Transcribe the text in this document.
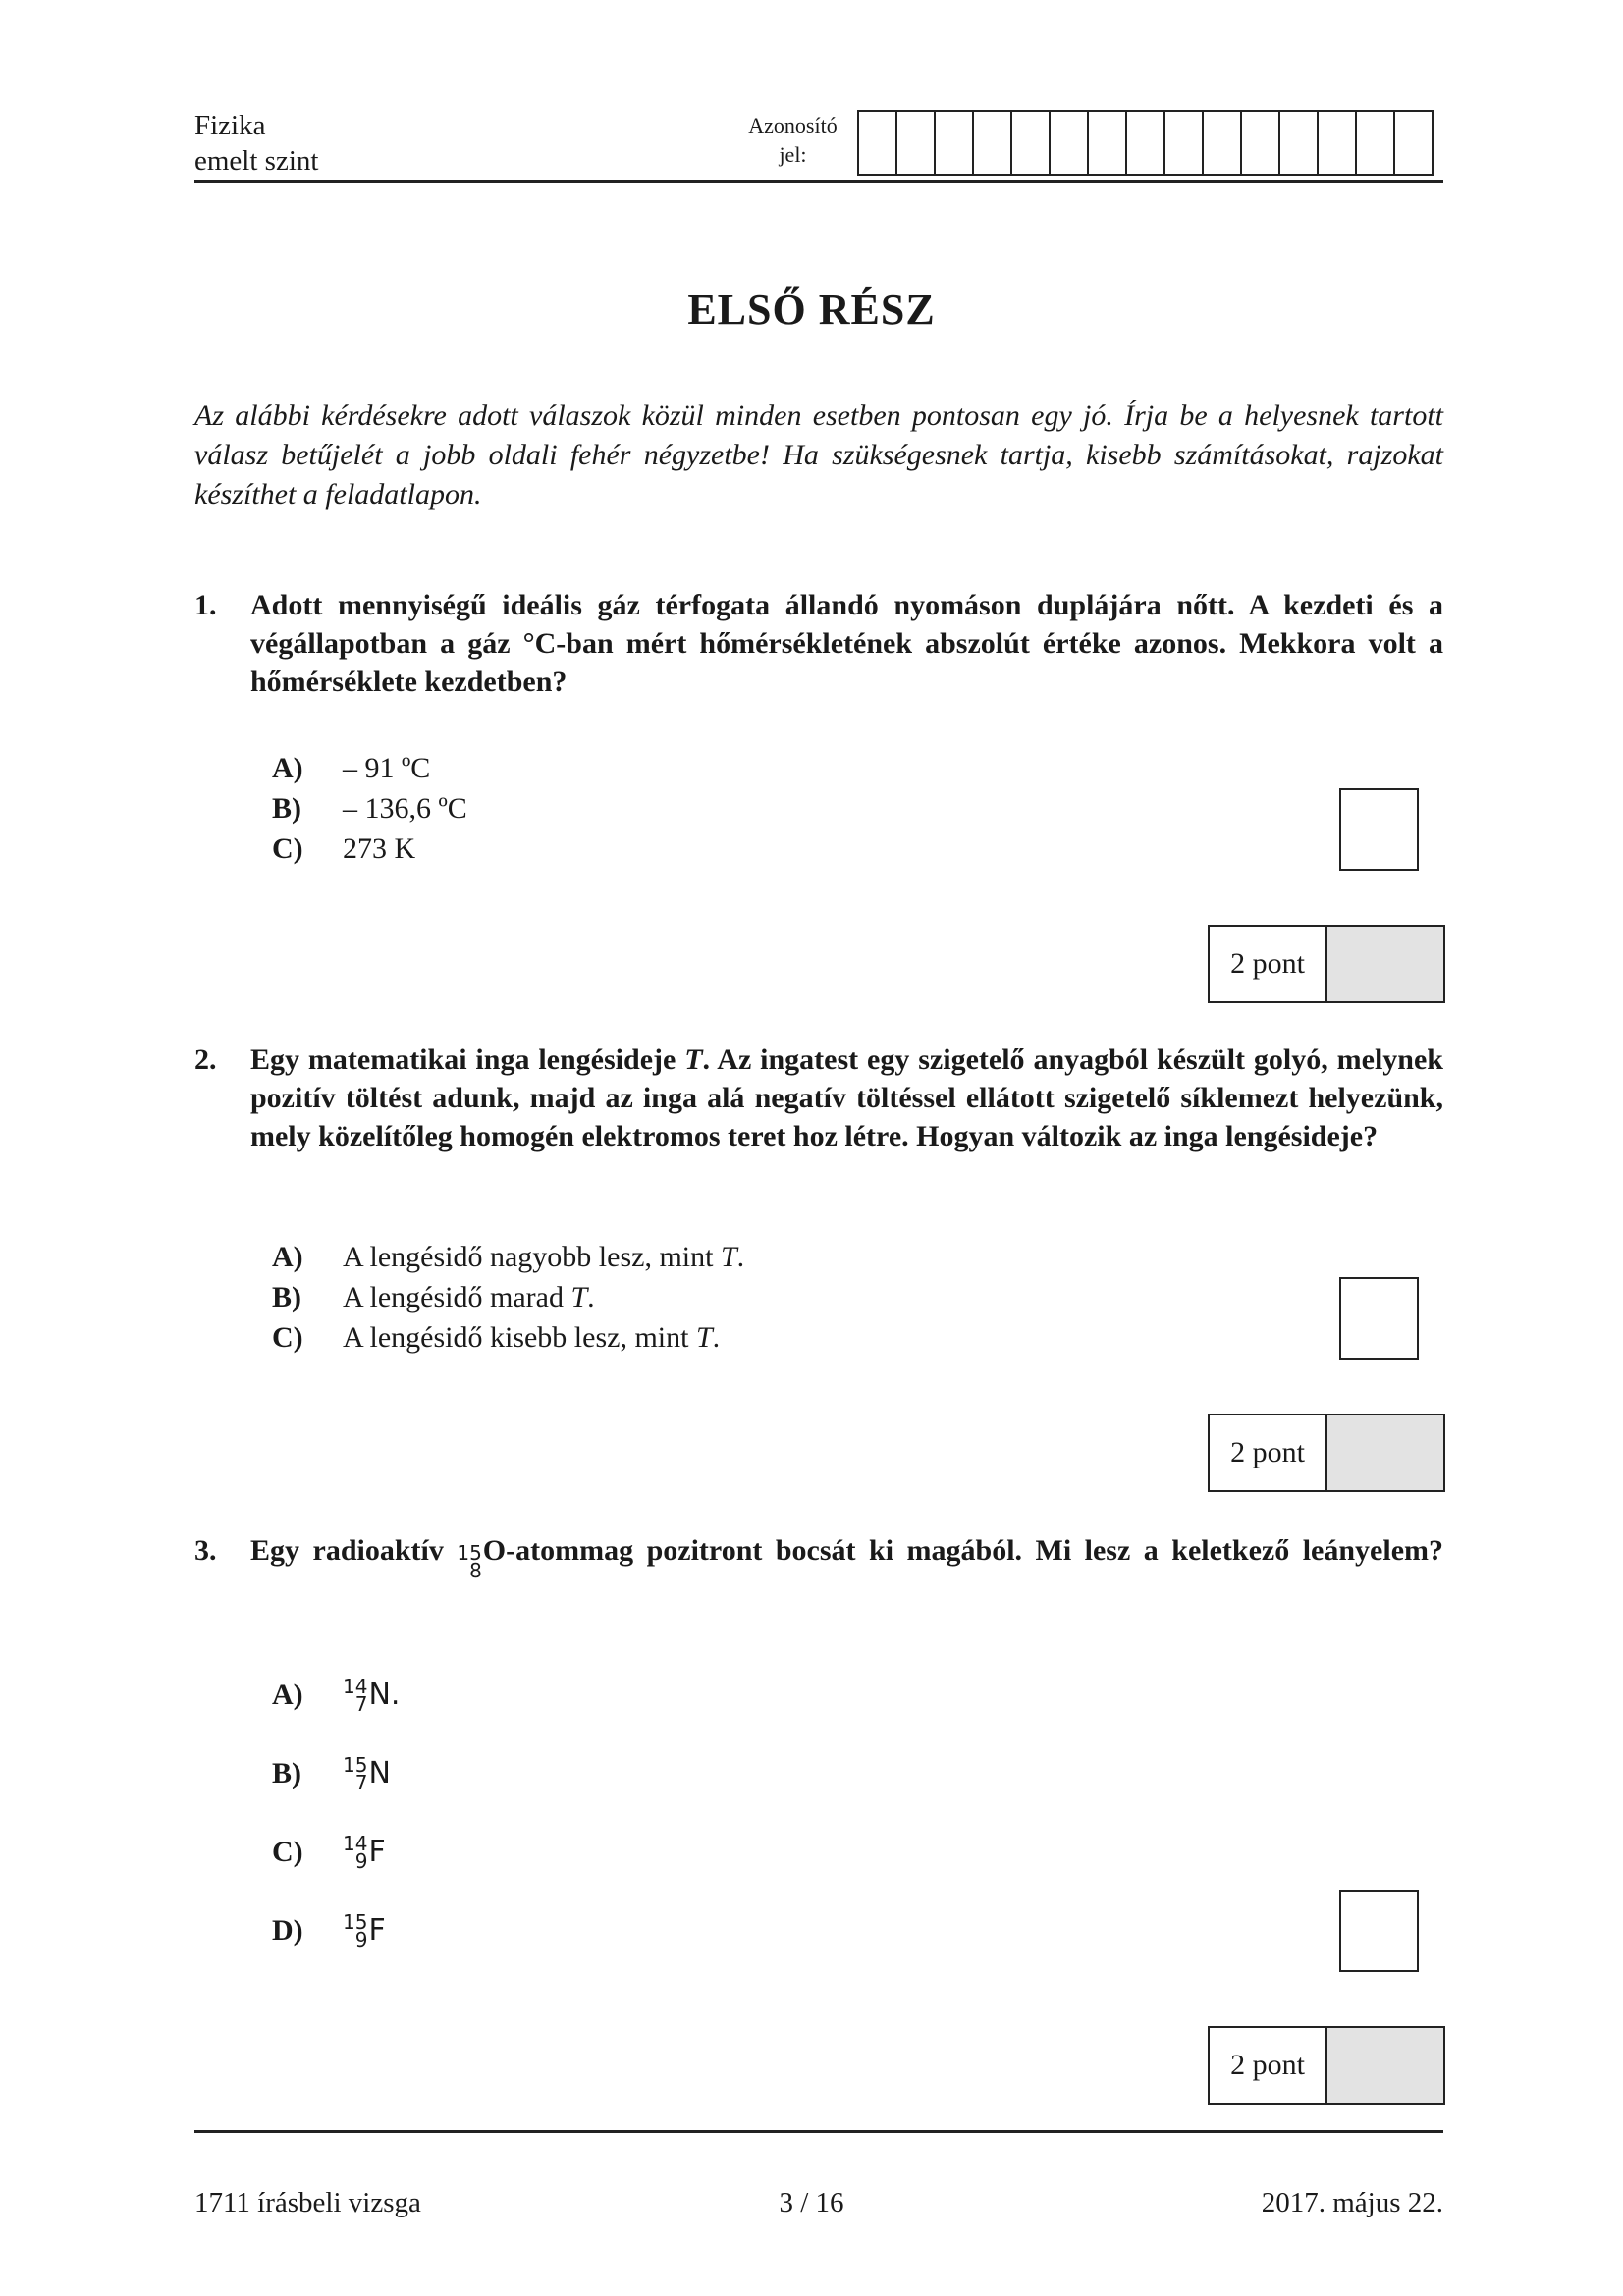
Fizika
emelt szint
Azonosító
jel:
ELSŐ RÉSZ
Az alábbi kérdésekre adott válaszok közül minden esetben pontosan egy jó. Írja be a helyesnek tartott válasz betűjelét a jobb oldali fehér négyzetbe! Ha szükségesnek tartja, kisebb számításokat, rajzokat készíthet a feladatlapon.
1. Adott mennyiségű ideális gáz térfogata állandó nyomáson duplájára nőtt. A kezdeti és a végállapotban a gáz °C-ban mért hőmérsékletének abszolút értéke azonos. Mekkora volt a hőmérséklete kezdetben?
A)	– 91 ºC
B)	– 136,6 ºC
C)	273 K
2 pont
2. Egy matematikai inga lengésideje T. Az ingatest egy szigetelő anyagból készült golyó, melynek pozitív töltést adunk, majd az inga alá negatív töltéssel ellátott szigetelő síklemezt helyezünk, mely közelítőleg homogén elektromos teret hoz létre. Hogyan változik az inga lengésideje?
A)	A lengésidő nagyobb lesz, mint T.
B)	A lengésidő marad T.
C)	A lengésidő kisebb lesz, mint T.
2 pont
3. Egy radioaktív 15
8
O-atommag pozitront bocsát ki magából. Mi lesz a keletkező leányelem?
A)	14
7 N .
B)	15
7 N
C)	14
9 F
D)	15
9 F
2 pont
1711 írásbeli vizsga	3 / 16	2017. május 22.
